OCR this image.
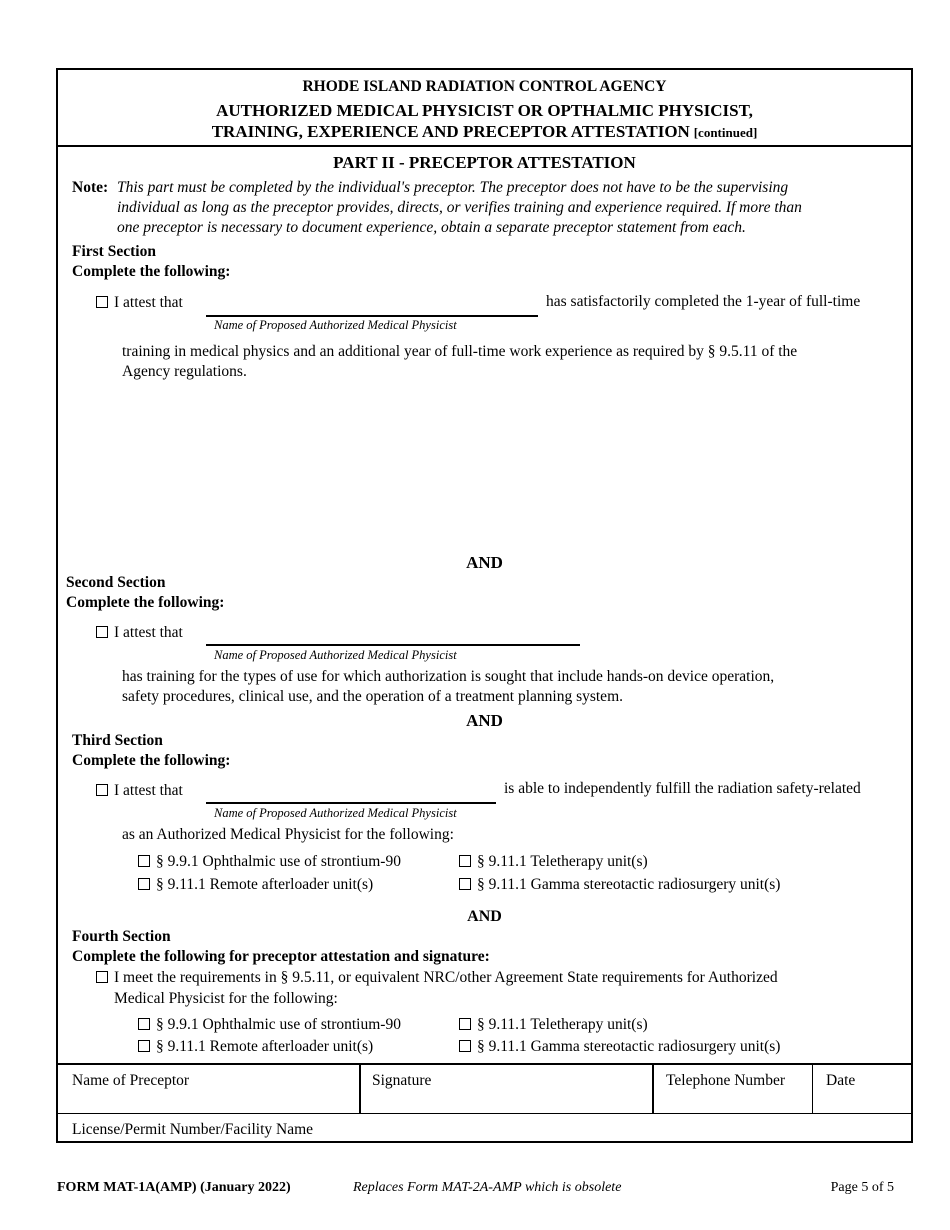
RHODE ISLAND RADIATION CONTROL AGENCY
AUTHORIZED MEDICAL PHYSICIST OR OPTHALMIC PHYSICIST,
TRAINING, EXPERIENCE AND PRECEPTOR ATTESTATION [continued]
PART II - PRECEPTOR ATTESTATION
Note: This part must be completed by the individual's preceptor. The preceptor does not have to be the supervising
individual as long as the preceptor provides, directs, or verifies training and experience required. If more than
one preceptor is necessary to document experience, obtain a separate preceptor statement from each.
First Section
Complete the following:
I attest that
Name of Proposed Authorized Medical Physicist
has satisfactorily completed the 1-year of full-time
training in medical physics and an additional year of full-time work experience as required by § 9.5.11 of the
Agency regulations.
AND
Second Section
Complete the following:
I attest that
Name of Proposed Authorized Medical Physicist
has training for the types of use for which authorization is sought that include hands-on device operation,
safety procedures, clinical use, and the operation of a treatment planning system.
AND
Third Section
Complete the following:
I attest that
Name of Proposed Authorized Medical Physicist
is able to independently fulfill the radiation safety-related
as an Authorized Medical Physicist for the following:
§ 9.9.1 Ophthalmic use of strontium-90	§ 9.11.1 Teletherapy unit(s)
§ 9.11.1 Remote afterloader unit(s)	§ 9.11.1 Gamma stereotactic radiosurgery unit(s)
AND
Fourth Section
Complete the following for preceptor attestation and signature:
I meet the requirements in § 9.5.11, or equivalent NRC/other Agreement State requirements for Authorized
Medical Physicist for the following:
§ 9.9.1 Ophthalmic use of strontium-90	§ 9.11.1 Teletherapy unit(s)
§ 9.11.1 Remote afterloader unit(s)	§ 9.11.1 Gamma stereotactic radiosurgery unit(s)
Name of Preceptor	Signature	Telephone Number	Date
License/Permit Number/Facility Name
FORM MAT-1A(AMP) (January 2022)	Replaces Form MAT-2A-AMP which is obsolete	Page 5 of 5
